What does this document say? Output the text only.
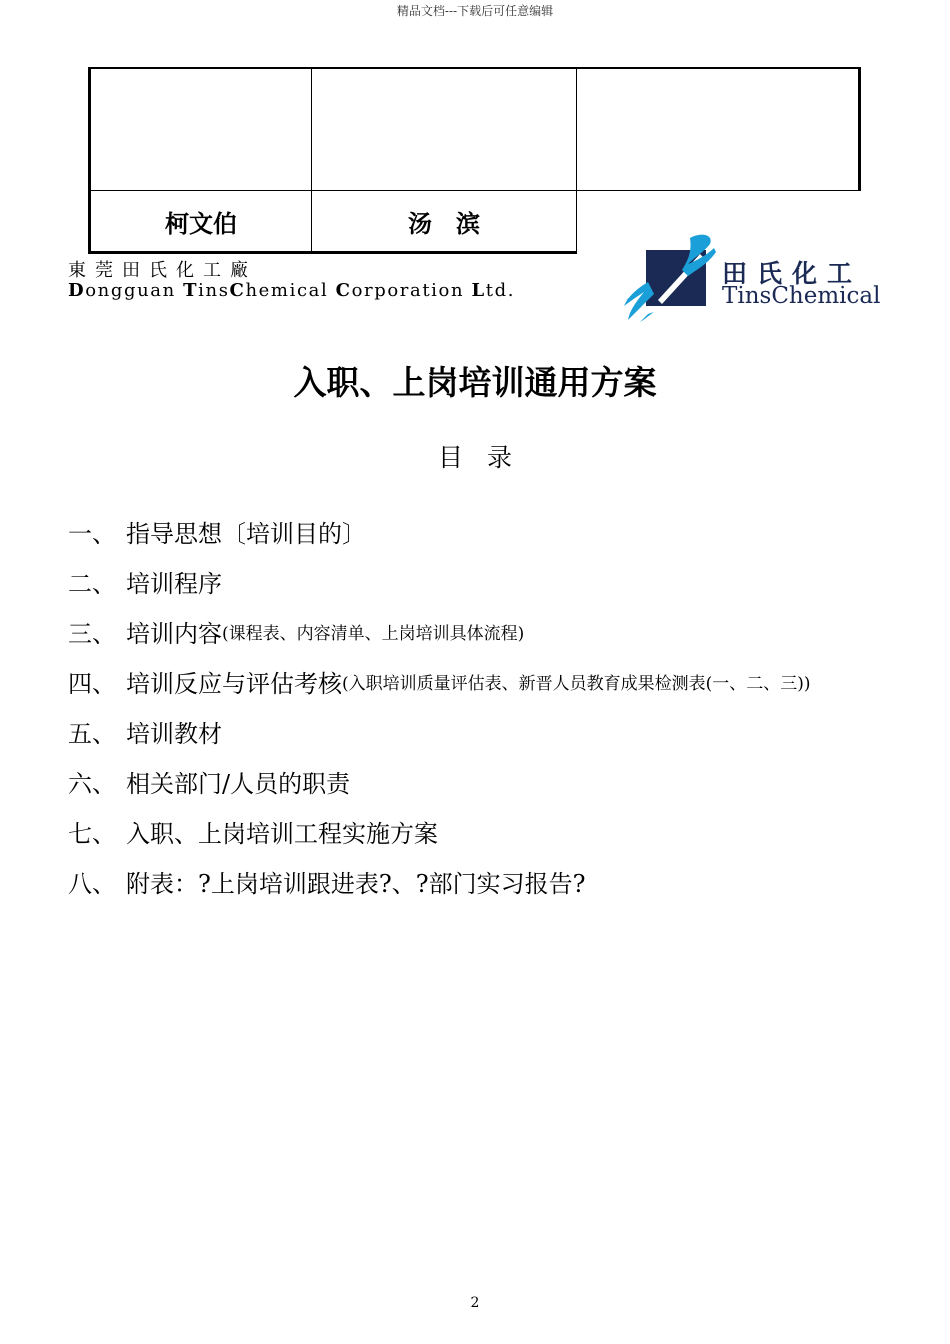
精品文档---下载后可任意编辑

柯文伯	汤　滨	
東莞田氏化工廠
Dongguan TinsChemical Corporation Ltd.
田氏化工
TinsChemical
入职、上岗培训通用方案
目录
一、 指导思想〔培训目的〕
二、 培训程序
三、 培训内容 (课程表、内容清单、上岗培训具体流程)
四、 培训反应与评估考核 (入职培训质量评估表、新晋人员教育成果检测表(一、二、三))
五、 培训教材
六、 相关部门/人员的职责
七、 入职、上岗培训工程实施方案
八、 附表：?上岗培训跟进表?、?部门实习报告?
2
